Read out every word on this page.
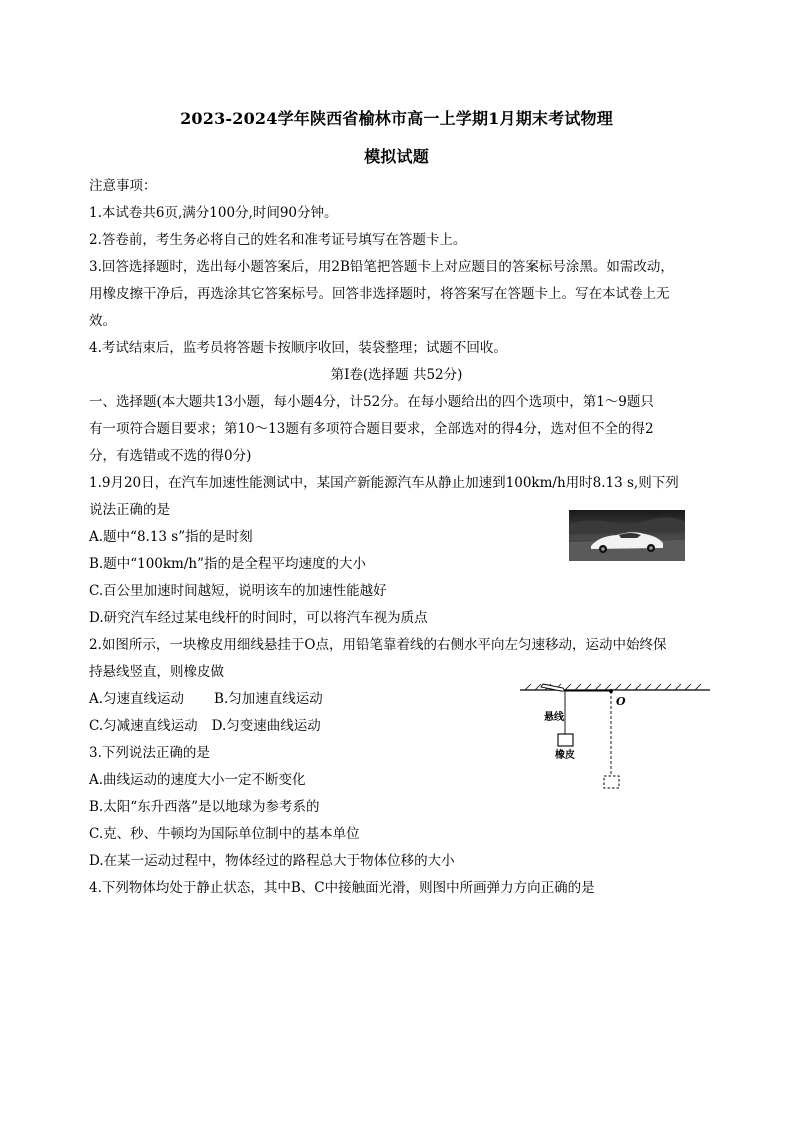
2023-2024学年陕西省榆林市高一上学期1月期末考试物理
模拟试题
注意事项：
1.本试卷共6页,满分100分,时间90分钟。
2.答卷前，考生务必将自己的姓名和准考证号填写在答题卡上。
3.回答选择题时，选出每小题答案后，用2B铅笔把答题卡上对应题目的答案标号涂黑。如需改动，
用橡皮擦干净后，再选涂其它答案标号。回答非选择题时，将答案写在答题卡上。写在本试卷上无
效。
4.考试结束后，监考员将答题卡按顺序收回，装袋整理；试题不回收。
第Ⅰ卷(选择题 共52分)
一、选择题(本大题共13小题，每小题4分，计52分。在每小题给出的四个选项中，第1～9题只
有一项符合题目要求；第10～13题有多项符合题目要求，全部选对的得4分，选对但不全的得2
分，有选错或不选的得0分)
1.9月20日，在汽车加速性能测试中，某国产新能源汽车从静止加速到100km/h用时8.13 s,则下列
说法正确的是
A.题中“8.13 s”指的是时刻
B.题中“100km/h”指的是全程平均速度的大小
C.百公里加速时间越短，说明该车的加速性能越好
D.研究汽车经过某电线杆的时间时，可以将汽车视为质点
2.如图所示，一块橡皮用细线悬挂于O点，用铅笔靠着线的右侧水平向左匀速移动，运动中始终保
持悬线竖直，则橡皮做
A.匀速直线运动 B.匀加速直线运动
C.匀减速直线运动 D.匀变速曲线运动
O
悬线
橡皮
3.下列说法正确的是
A.曲线运动的速度大小一定不断变化
B.太阳“东升西落”是以地球为参考系的
C.克、秒、牛顿均为国际单位制中的基本单位
D.在某一运动过程中，物体经过的路程总大于物体位移的大小
4.下列物体均处于静止状态，其中B、C中接触面光滑，则图中所画弹力方向正确的是
